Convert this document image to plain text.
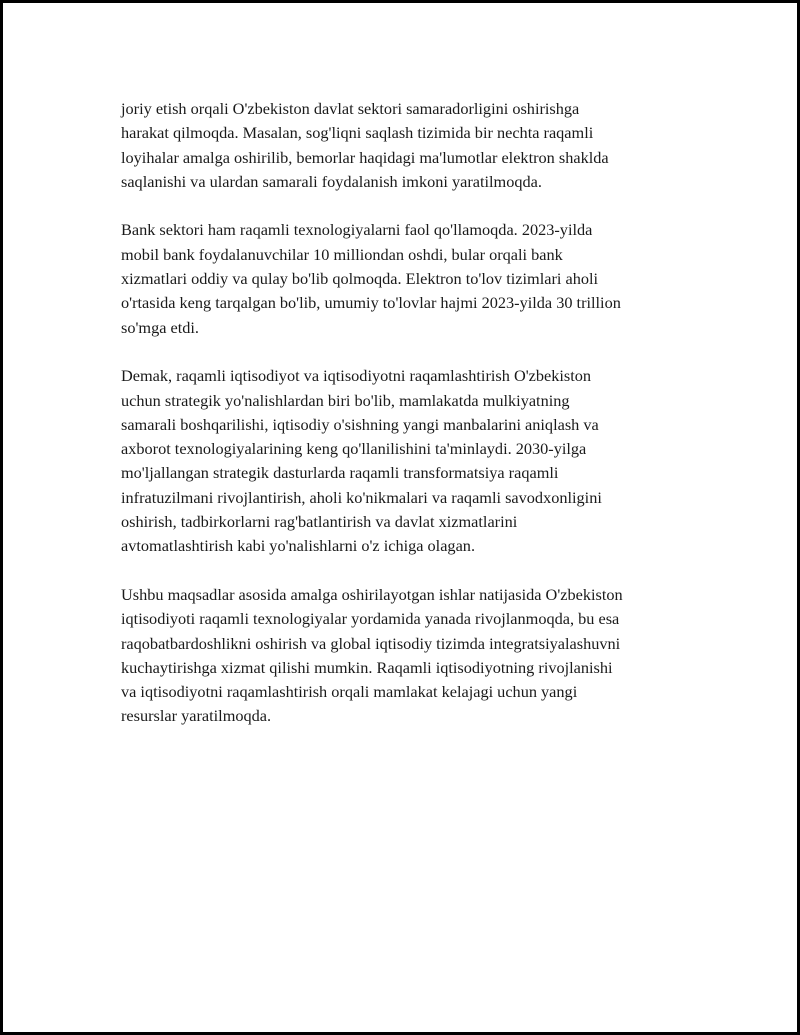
joriy etish orqali O'zbekiston davlat sektori samaradorligini oshirishga
harakat qilmoqda. Masalan, sog'liqni saqlash tizimida bir nechta raqamli
loyihalar amalga oshirilib, bemorlar haqidagi ma'lumotlar elektron shaklda
saqlanishi va ulardan samarali foydalanish imkoni yaratilmoqda.

Bank sektori ham raqamli texnologiyalarni faol qo'llamoqda. 2023-yilda
mobil bank foydalanuvchilar 10 milliondan oshdi, bular orqali bank
xizmatlari oddiy va qulay bo'lib qolmoqda. Elektron to'lov tizimlari aholi
o'rtasida keng tarqalgan bo'lib, umumiy to'lovlar hajmi 2023-yilda 30 trillion
so'mga etdi.

Demak, raqamli iqtisodiyot va iqtisodiyotni raqamlashtirish O'zbekiston
uchun strategik yo'nalishlardan biri bo'lib, mamlakatda mulkiyatning
samarali boshqarilishi, iqtisodiy o'sishning yangi manbalarini aniqlash va
axborot texnologiyalarining keng qo'llanilishini ta'minlaydi. 2030-yilga
mo'ljallangan strategik dasturlarda raqamli transformatsiya raqamli
infratuzilmani rivojlantirish, aholi ko'nikmalari va raqamli savodxonligini
oshirish, tadbirkorlarni rag'batlantirish va davlat xizmatlarini
avtomatlashtirish kabi yo'nalishlarni o'z ichiga olagan.

Ushbu maqsadlar asosida amalga oshirilayotgan ishlar natijasida O'zbekiston
iqtisodiyoti raqamli texnologiyalar yordamida yanada rivojlanmoqda, bu esa
raqobatbardoshlikni oshirish va global iqtisodiy tizimda integratsiyalashuvni
kuchaytirishga xizmat qilishi mumkin. Raqamli iqtisodiyotning rivojlanishi
va iqtisodiyotni raqamlashtirish orqali mamlakat kelajagi uchun yangi
resurslar yaratilmoqda.
